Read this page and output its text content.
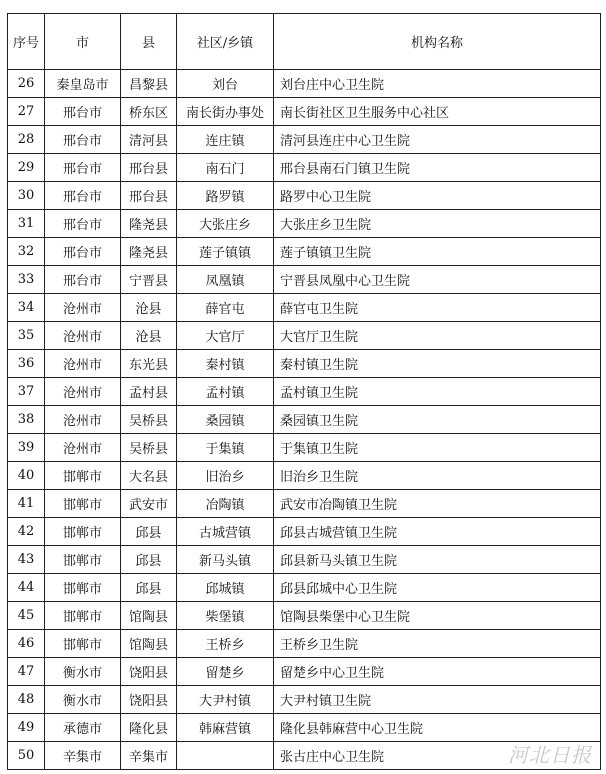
序号	市	县	社区/乡镇	机构名称
26	秦皇岛市	昌黎县	刘台	刘台庄中心卫生院
27	邢台市	桥东区	南长街办事处	南长街社区卫生服务中心社区
28	邢台市	清河县	连庄镇	清河县连庄中心卫生院
29	邢台市	邢台县	南石门	邢台县南石门镇卫生院
30	邢台市	邢台县	路罗镇	路罗中心卫生院
31	邢台市	隆尧县	大张庄乡	大张庄乡卫生院
32	邢台市	隆尧县	莲子镇镇	莲子镇镇卫生院
33	邢台市	宁晋县	凤凰镇	宁晋县凤凰中心卫生院
34	沧州市	沧县	薛官屯	薛官屯卫生院
35	沧州市	沧县	大官厅	大官厅卫生院
36	沧州市	东光县	秦村镇	秦村镇卫生院
37	沧州市	孟村县	孟村镇	孟村镇卫生院
38	沧州市	吴桥县	桑园镇	桑园镇卫生院
39	沧州市	吴桥县	于集镇	于集镇卫生院
40	邯郸市	大名县	旧治乡	旧治乡卫生院
41	邯郸市	武安市	冶陶镇	武安市冶陶镇卫生院
42	邯郸市	邱县	古城营镇	邱县古城营镇卫生院
43	邯郸市	邱县	新马头镇	邱县新马头镇卫生院
44	邯郸市	邱县	邱城镇	邱县邱城中心卫生院
45	邯郸市	馆陶县	柴堡镇	馆陶县柴堡中心卫生院
46	邯郸市	馆陶县	王桥乡	王桥乡卫生院
47	衡水市	饶阳县	留楚乡	留楚乡中心卫生院
48	衡水市	饶阳县	大尹村镇	大尹村镇卫生院
49	承德市	隆化县	韩麻营镇	隆化县韩麻营中心卫生院
50	辛集市	辛集市		张古庄中心卫生院	河北日报
